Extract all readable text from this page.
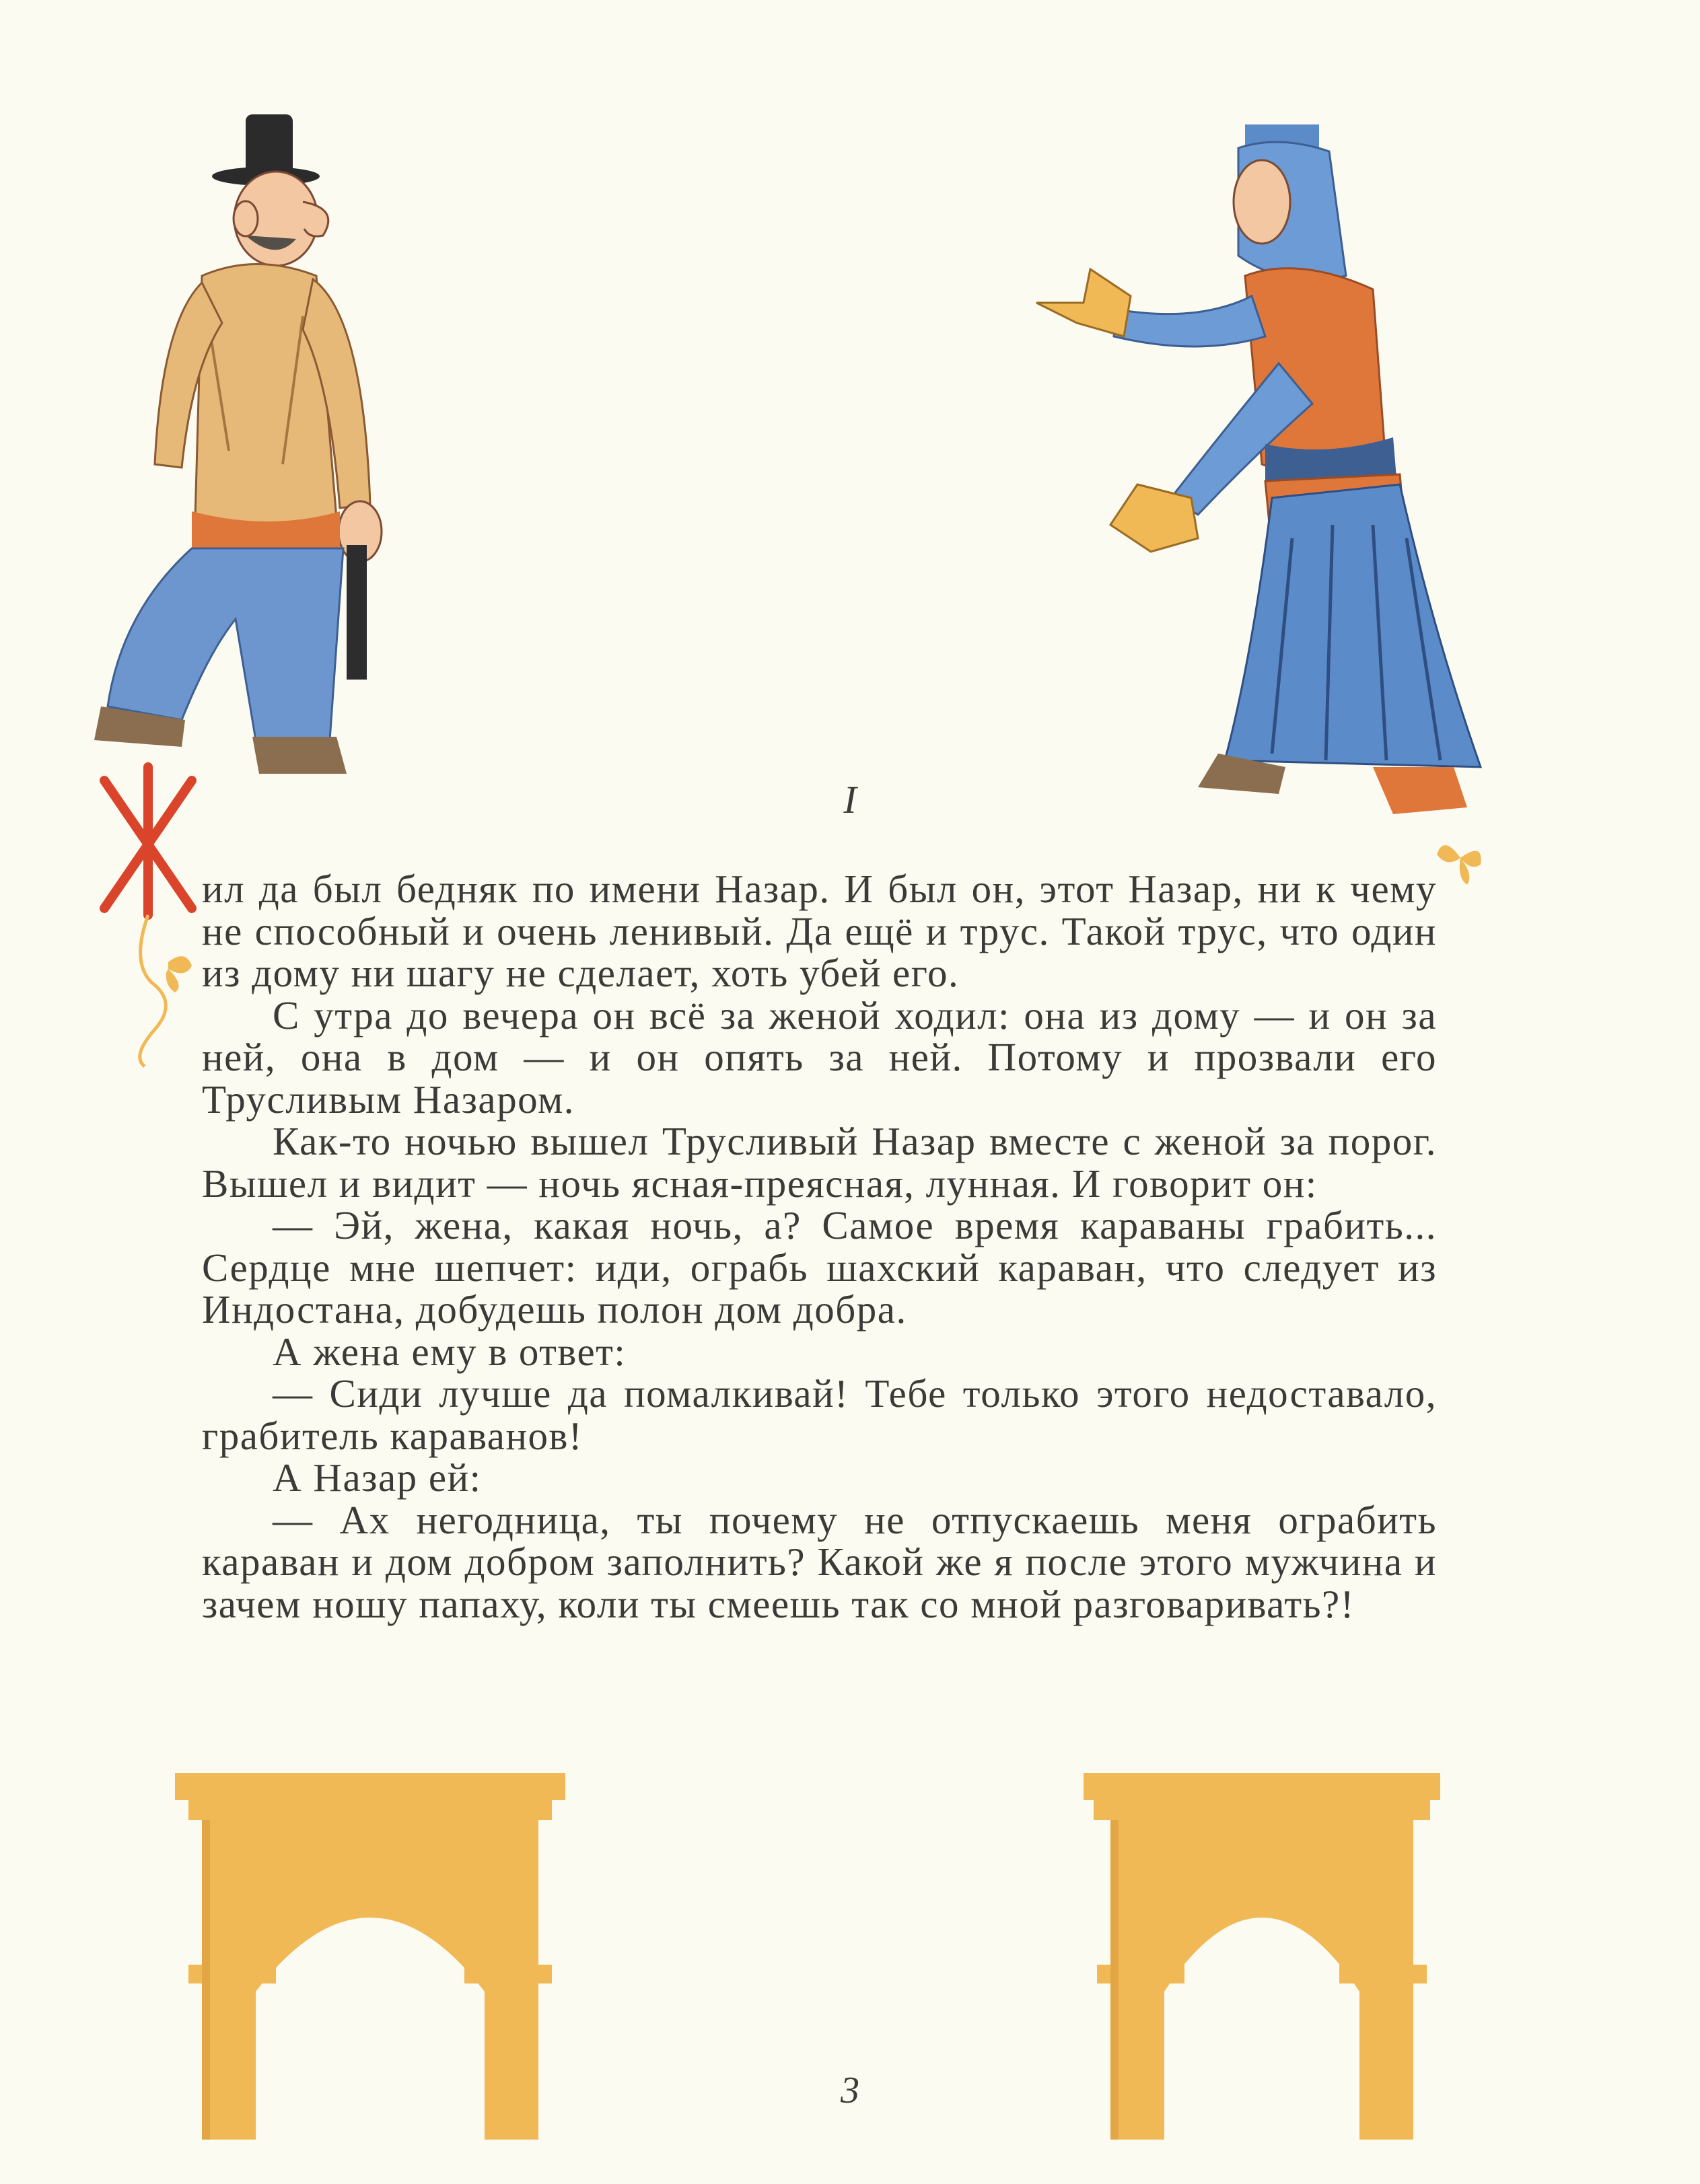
I

ил да был бедняк по имени Назар. И был он, этот Назар, ни к чему не способный и очень ленивый. Да ещё и трус. Такой трус, что один из дому ни шагу не сделает, хоть убей его.

С утра до вечера он всё за женой ходил: она из дому — и он за ней, она в дом — и он опять за ней. Потому и прозвали его Трусливым Назаром.

Как-то ночью вышел Трусливый Назар вместе с женой за порог. Вышел и видит — ночь ясная-преясная, лунная. И говорит он:

— Эй, жена, какая ночь, а? Самое время караваны грабить... Сердце мне шепчет: иди, ограбь шахский караван, что следует из Индостана, добудешь полон дом добра.

А жена ему в ответ:

— Сиди лучше да помалкивай! Тебе только этого недоставало, грабитель караванов!

А Назар ей:

— Ах негодница, ты почему не отпускаешь меня ограбить караван и дом добром заполнить? Какой же я после этого мужчина и зачем ношу папаху, коли ты смеешь так со мной разговаривать?!

3
